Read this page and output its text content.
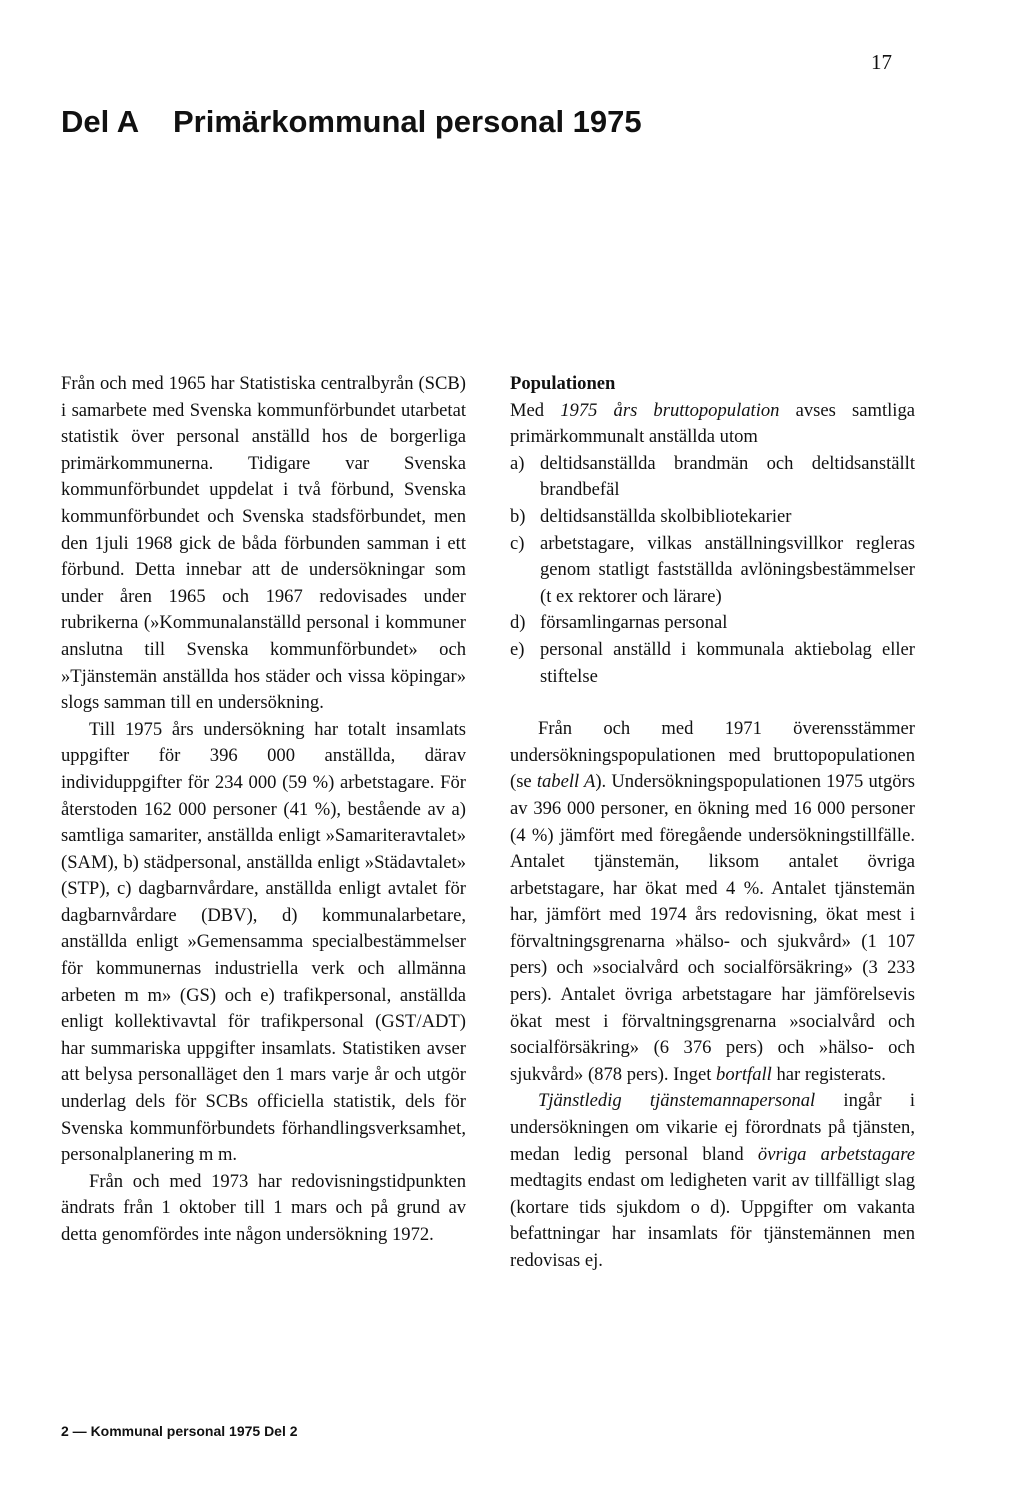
17
Del A Primärkommunal personal 1975

Från och med 1965 har Statistiska centralbyrån (SCB) i samarbete med Svenska kommunförbundet utarbetat statistik över personal anställd hos de borgerliga primärkommunerna. Tidigare var Svenska kommunförbundet uppdelat i två förbund, Svenska kommunförbundet och Svenska stadsförbundet, men den 1juli 1968 gick de båda förbunden samman i ett förbund. Detta innebar att de undersökningar som under åren 1965 och 1967 redovisades under rubrikerna (»Kommunalanställd personal i kommuner anslutna till Svenska kommunförbundet» och »Tjänstemän anställda hos städer och vissa köpingar» slogs samman till en undersökning.

Till 1975 års undersökning har totalt insamlats uppgifter för 396 000 anställda, därav individuppgifter för 234 000 (59 %) arbetstagare. För återstoden 162 000 personer (41 %), bestående av a) samtliga samariter, anställda enligt »Samariteravtalet» (SAM), b) städpersonal, anställda enligt »Städavtalet» (STP), c) dagbarnvårdare, anställda enligt avtalet för dagbarnvårdare (DBV), d) kommunalarbetare, anställda enligt »Gemensamma specialbestämmelser för kommunernas industriella verk och allmänna arbeten m m» (GS) och e) trafikpersonal, anställda enligt kollektivavtal för trafikpersonal (GST/ADT) har summariska uppgifter insamlats. Statistiken avser att belysa personalläget den 1 mars varje år och utgör underlag dels för SCBs officiella statistik, dels för Svenska kommunförbundets förhandlingsverksamhet, personalplanering m m.

Från och med 1973 har redovisningstidpunkten ändrats från 1 oktober till 1 mars och på grund av detta genomfördes inte någon undersökning 1972.

Populationen

Med 1975 års bruttopopulation avses samtliga primärkommunalt anställda utom

a) deltidsanställda brandmän och deltidsanställt brandbefäl
b) deltidsanställda skolbibliotekarier
c) arbetstagare, vilkas anställningsvillkor regleras genom statligt fastställda avlöningsbestämmelser (t ex rektorer och lärare)
d) församlingarnas personal
e) personal anställd i kommunala aktiebolag eller stiftelse

Från och med 1971 överensstämmer undersökningspopulationen med bruttopopulationen (se tabell A). Undersökningspopulationen 1975 utgörs av 396 000 personer, en ökning med 16 000 personer (4 %) jämfört med föregående undersökningstillfälle. Antalet tjänstemän, liksom antalet övriga arbetstagare, har ökat med 4 %. Antalet tjänstemän har, jämfört med 1974 års redovisning, ökat mest i förvaltningsgrenarna »hälso- och sjukvård» (1 107 pers) och »socialvård och socialförsäkring» (3 233 pers). Antalet övriga arbetstagare har jämförelsevis ökat mest i förvaltningsgrenarna »socialvård och socialförsäkring» (6 376 pers) och »hälso- och sjukvård» (878 pers). Inget bortfall har registerats.

Tjänstledig tjänstemannapersonal ingår i undersökningen om vikarie ej förordnats på tjänsten, medan ledig personal bland övriga arbetstagare medtagits endast om ledigheten varit av tillfälligt slag (kortare tids sjukdom o d). Uppgifter om vakanta befattningar har insamlats för tjänstemännen men redovisas ej.

2 — Kommunal personal 1975 Del 2
